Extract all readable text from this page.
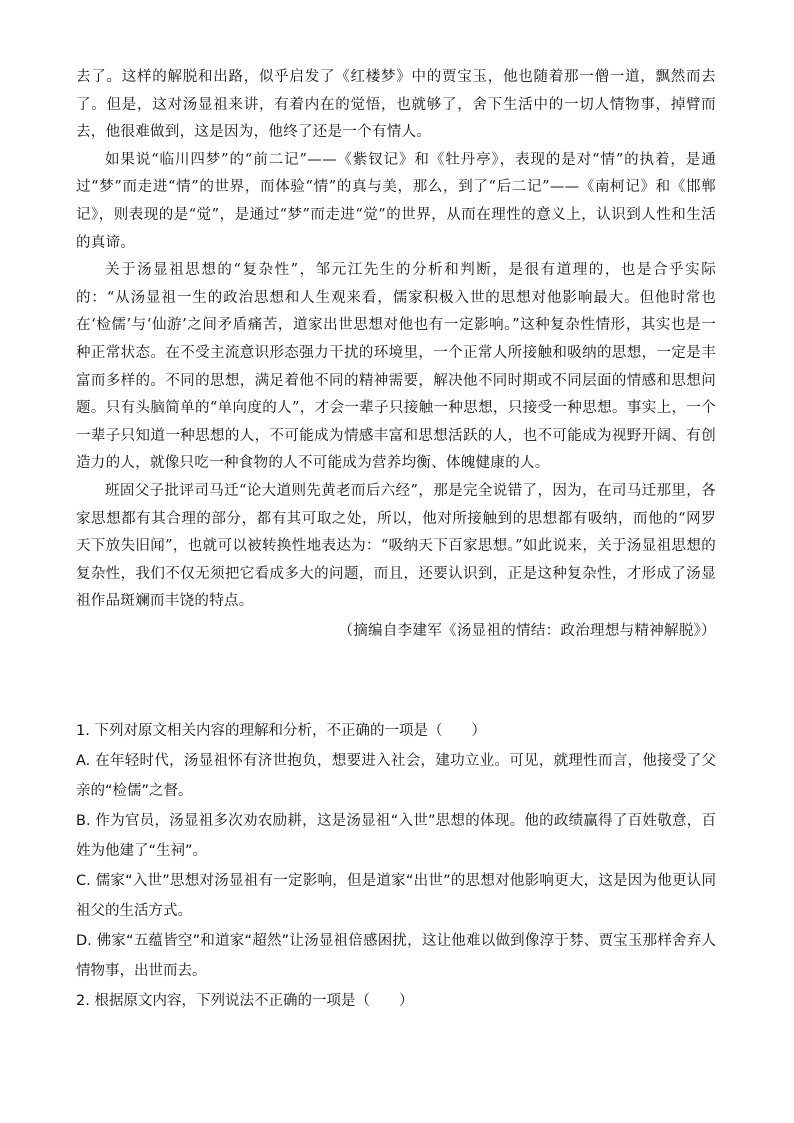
去了。这样的解脱和出路，似乎启发了《红楼梦》中的贾宝玉，他也随着那一僧一道，飘然而去了。但是，这对汤显祖来讲，有着内在的觉悟，也就够了，舍下生活中的一切人情物事，掉臂而去，他很难做到，这是因为，他终了还是一个有情人。

如果说“临川四梦”的“前二记”——《紫钗记》和《牡丹亭》，表现的是对“情”的执着，是通过“梦”而走进“情”的世界，而体验“情”的真与美，那么，到了“后二记”——《南柯记》和《邯郸记》，则表现的是“觉”，是通过“梦”而走进“觉”的世界，从而在理性的意义上，认识到人性和生活的真谛。

关于汤显祖思想的“复杂性”，邹元江先生的分析和判断，是很有道理的，也是合乎实际的：“从汤显祖一生的政治思想和人生观来看，儒家积极入世的思想对他影响最大。但他时常也在‘检儒’与‘仙游’之间矛盾痛苦，道家出世思想对他也有一定影响。”这种复杂性情形，其实也是一种正常状态。在不受主流意识形态强力干扰的环境里，一个正常人所接触和吸纳的思想，一定是丰富而多样的。不同的思想，满足着他不同的精神需要，解决他不同时期或不同层面的情感和思想问题。只有头脑简单的“单向度的人”，才会一辈子只接触一种思想，只接受一种思想。事实上，一个一辈子只知道一种思想的人，不可能成为情感丰富和思想活跃的人，也不可能成为视野开阔、有创造力的人，就像只吃一种食物的人不可能成为营养均衡、体魄健康的人。

班固父子批评司马迁“论大道则先黄老而后六经”，那是完全说错了，因为，在司马迁那里，各家思想都有其合理的部分，都有其可取之处，所以，他对所接触到的思想都有吸纳，而他的“网罗天下放失旧闻”，也就可以被转换性地表达为：“吸纳天下百家思想。”如此说来，关于汤显祖思想的复杂性，我们不仅无须把它看成多大的问题，而且，还要认识到，正是这种复杂性，才形成了汤显祖作品斑斓而丰饶的特点。

（摘编自李建军《汤显祖的情结：政治理想与精神解脱》）

1. 下列对原文相关内容的理解和分析，不正确的一项是（　　）

A. 在年轻时代，汤显祖怀有济世抱负，想要进入社会，建功立业。可见，就理性而言，他接受了父亲的“检儒”之督。

B. 作为官员，汤显祖多次劝农励耕，这是汤显祖“入世”思想的体现。他的政绩赢得了百姓敬意，百姓为他建了“生祠”。

C. 儒家“入世”思想对汤显祖有一定影响，但是道家“出世”的思想对他影响更大，这是因为他更认同祖父的生活方式。

D. 佛家“五蕴皆空”和道家“超然”让汤显祖倍感困扰，这让他难以做到像淳于棼、贾宝玉那样舍弃人情物事，出世而去。

2. 根据原文内容，下列说法不正确的一项是（　　）
